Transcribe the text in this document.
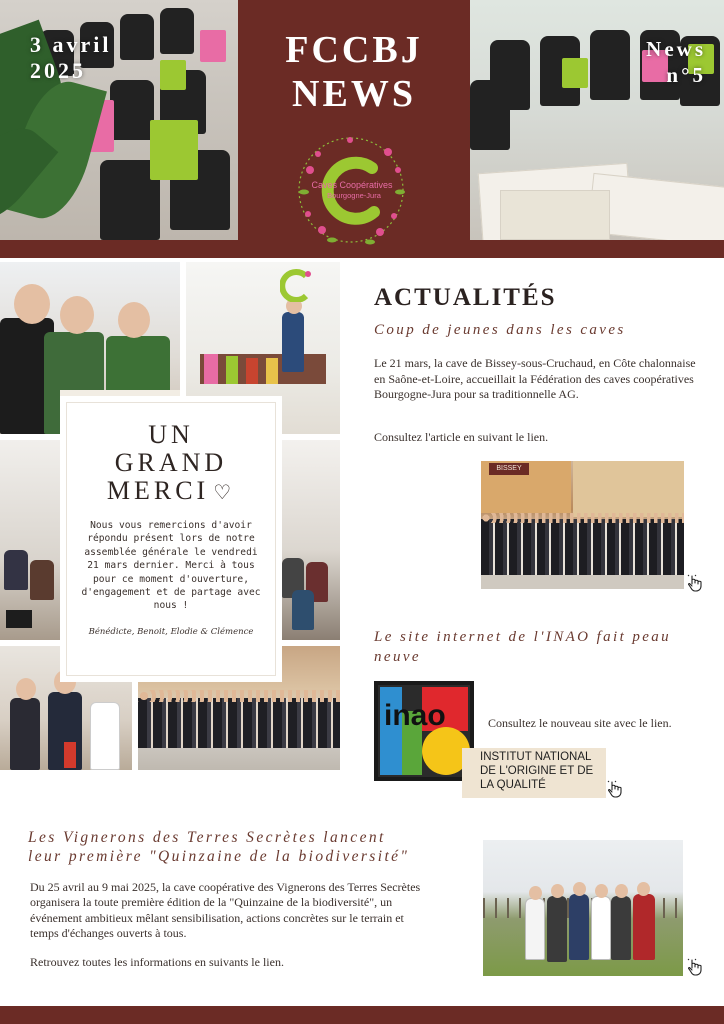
3 avril
2025	FCCBJ
NEWS
Caves Coopératives
Bourgogne-Jura
News
n°5
UN
GRAND
MERCI ♡
Nous vous remercions d'avoir répondu présent lors de notre assemblée générale le vendredi 21 mars dernier. Merci à tous pour ce moment d'ouverture, d'engagement et de partage avec nous !
Bénédicte, Benoit, Elodie & Clémence
ACTUALITÉS
Coup de jeunes dans les caves
Le 21 mars, la cave de Bissey-sous-Cruchaud, en Côte chalonnaise en Saône-et-Loire, accueillait la Fédération des caves coopératives Bourgogne-Jura pour sa traditionnelle AG.
Consultez l'article en suivant le lien.
BISSEY
Le site internet de l'INAO fait peau neuve
inao
INSTITUT NATIONAL
DE L'ORIGINE ET DE
LA QUALITÉ
Consultez le nouveau site avec le lien.
Les Vignerons des Terres Secrètes lancent
leur première "Quinzaine de la biodiversité"
Du 25 avril au 9 mai 2025, la cave coopérative des Vignerons des Terres Secrètes organisera la toute première édition de la "Quinzaine de la biodiversité", un événement ambitieux mêlant sensibilisation, actions concrètes sur le terrain et temps d'échanges ouverts à tous.
Retrouvez toutes les informations en suivants le lien.
